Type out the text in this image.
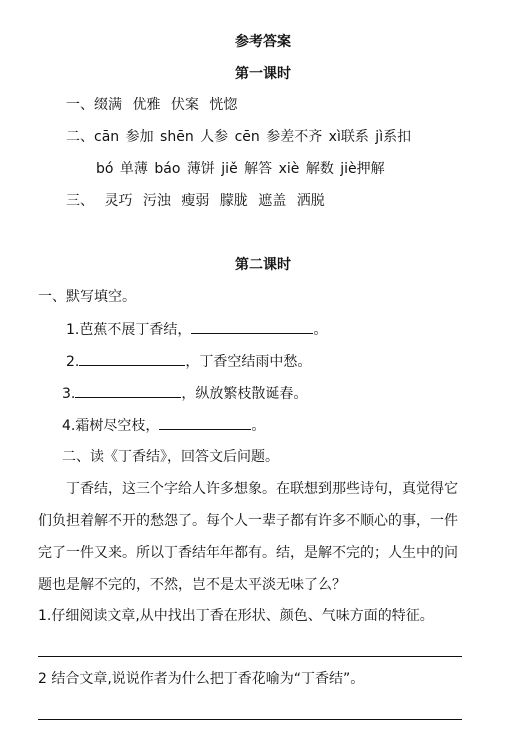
参考答案
第一课时
一、缀满 优雅 伏案 恍惚
二、cān 参加 shēn 人参 cēn 参差不齐 xì联系 jì系扣
bó 单薄 báo 薄饼 jiě 解答 xiè 解数 jiè押解
三、 灵巧 污浊 瘦弱 朦胧 遮盖 洒脱
第二课时
一、默写填空。
1.芭蕉不展丁香结，	。
2.	，丁香空结雨中愁。
3.	，纵放繁枝散诞春。
4.霜树尽空枝，	。
二、读《丁香结》，回答文后问题。
丁香结，这三个字给人许多想象。在联想到那些诗句，真觉得它
们负担着解不开的愁怨了。每个人一辈子都有许多不顺心的事，一件
完了一件又来。所以丁香结年年都有。结，是解不完的；人生中的问
题也是解不完的，不然，岂不是太平淡无味了么？
1.仔细阅读文章,从中找出丁香在形状、颜色、气味方面的特征。
2 结合文章,说说作者为什么把丁香花喻为“丁香结”。
